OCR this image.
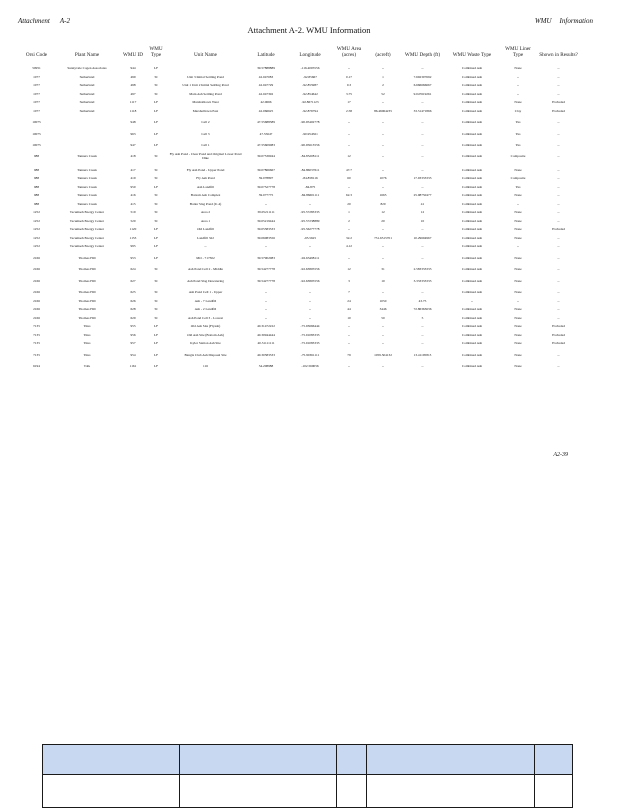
Attachment A-2	WMU Information
Attachment A-2. WMU Information
Orsi Code	Plant Name	WMU ID	WMU Type	Unit Name	Latitude	Longitude	WMU Area (acres)	(acreft)	WMU Depth (ft)	WMU Waste Type	WMU Liner Type	Shown in Results?
50951	Sunnyvale Cogen Associates	944	LF		39.57888889	-116.4005556	--	--	--	Combined Ash	None	--
1077	Sutherland	499	SI	Unit 3 Initial Settling Pond	42.047083	-92.85667	0.17	1	7.692307692	Combined Ash	--	--
1077	Sutherland	498	SI	Unit 1 Unit 2 Initial Settling Pond	42.047729	-92.855987	0.3	2	6.666666667	Combined Ash	--	--
1077	Sutherland	497	SI	Main Ash Settling Pond	42.047392	-92.854642	3.75	52	9.047619261	Combined Ash	--	--
1077	Sutherland	1117	LF	Marshalltown West	42.0666	-92.8671123	17	--	--	Combined Ash	None	Excluded
1077	Sutherland	1118	LF	Marshalltown East	42.066625	-92.876794	2.58	86.46064235	33.51471866	Combined Ash	Clay	Excluded
10075		948	LF	Cell 2	47.55688389	-90.95402778	--	--	--	Combined Ash	Yes	--
10075		963	LF	Cell 3	47.55647	-90.954561	--	--	--	Combined Ash	Yes	--
10075		947	LF	Cell 1	47.55609083	-90.95613556	--	--	--	Combined Ash	Yes	--
988	Tanners Creek	418	SI	Fly Ash Pond - Clear Pond and Original Lower Pond Dike	39.07536944	-84.85208111	12	--	--	Combined Ash	Composite	--
988	Tanners Creek	417	SI	Fly Ash Pond - Upper Pond	39.07866667	-84.86037611	47.7	--	--	Combined Ash	None	--
988	Tanners Creek	419	SI	Fly Ash Pond	39.078897	-84.858116	60	1076	17.93333333	Combined Ash	Composite	--
988	Tanners Creek	950	LF	Ash Landfill	39.07527778	-84.875	--	--	--	Combined Ash	Yes	--
988	Tanners Creek	416	SI	Bottom Ash Complex	39.077775	-84.86601111	62.3	1665	25.98750477	Combined Ash	None	--
988	Tanners Creek	415	SI	Boiler Slag Pond (U-4)	--	--	20	820	41	Combined Ash	--	--
1252	Tecumseh Energy Center	519	SI	Area 2	39.05211111	-95.57283333	1	12	12	Combined Ash	None	--
1252	Tecumseh Energy Center	520	SI	Area 1	39.05219444	-95.57238889	2	20	10	Combined Ash	None	--
1252	Tecumseh Energy Center	1120	LF	Old Landfill	39.05583333	-95.56277778	--	--	--	Combined Ash	None	Excluded
1252	Tecumseh Energy Center	1153	LF	Landfill 322	39.06083556	-95.5625	32.2	731.6515701	10.29694967	Combined Ash	None	--
1252	Tecumseh Energy Center	995	LF	--	--	--	4.12	--	--	Combined Ash	--	--
2166	Thomas Hill	953	LF	MO - 717302	39.57902083	-92.63498111	--	--	--	Combined Ash	None	--
2166	Thomas Hill	624	SI	Ash Pond Cell 2 - Middle	39.54277778	-92.63805556	12	31	2.583333333	Combined Ash	None	--
2166	Thomas Hill	627	SI	Ash Pond Slag Dewatering	39.54277778	-92.63805556	3	10	3.333333333	Combined Ash	None	--
2166	Thomas Hill	625	SI	Ash Pond Cell 1 - Upper	--	--	7	--	--	Combined Ash	None	--
2166	Thomas Hill	626	SI	Ash - 7 Landfill	--	--	24	1050	43.75	--	--	--
2166	Thomas Hill	628	SI	Ash - 2 Landfill	--	--	44	3446	72.86363636	Combined Ash	None	--
2166	Thomas Hill	629	SI	Ash Pond Cell 3 - Lowest	--	--	10	50	5	Combined Ash	None	--
7135	Titus	955	LF	Old Ash Site (Flyash)	40.31472222	-75.93666444	--	--	--	Combined Ash	None	Excluded
7135	Titus	956	LF	Old Ash Site (Bottom Ash)	40.30944444	-75.91083333	--	--	--	Combined Ash	None	Excluded
7135	Titus	957	LF	Kyler Station Ash Site	40.31111111	-75.91083333	--	--	--	Combined Ash	None	Excluded
7135	Titus	954	LF	Bangla Club Ash Disposal Site	40.30583333	-75.90361111	79	1059.504132	13.41195813	Combined Ash	None	--
6194	Tolk	1161	LF	116	34.208988	-102.569056	--	--	--	Combined Ash	None	--
A2-39
